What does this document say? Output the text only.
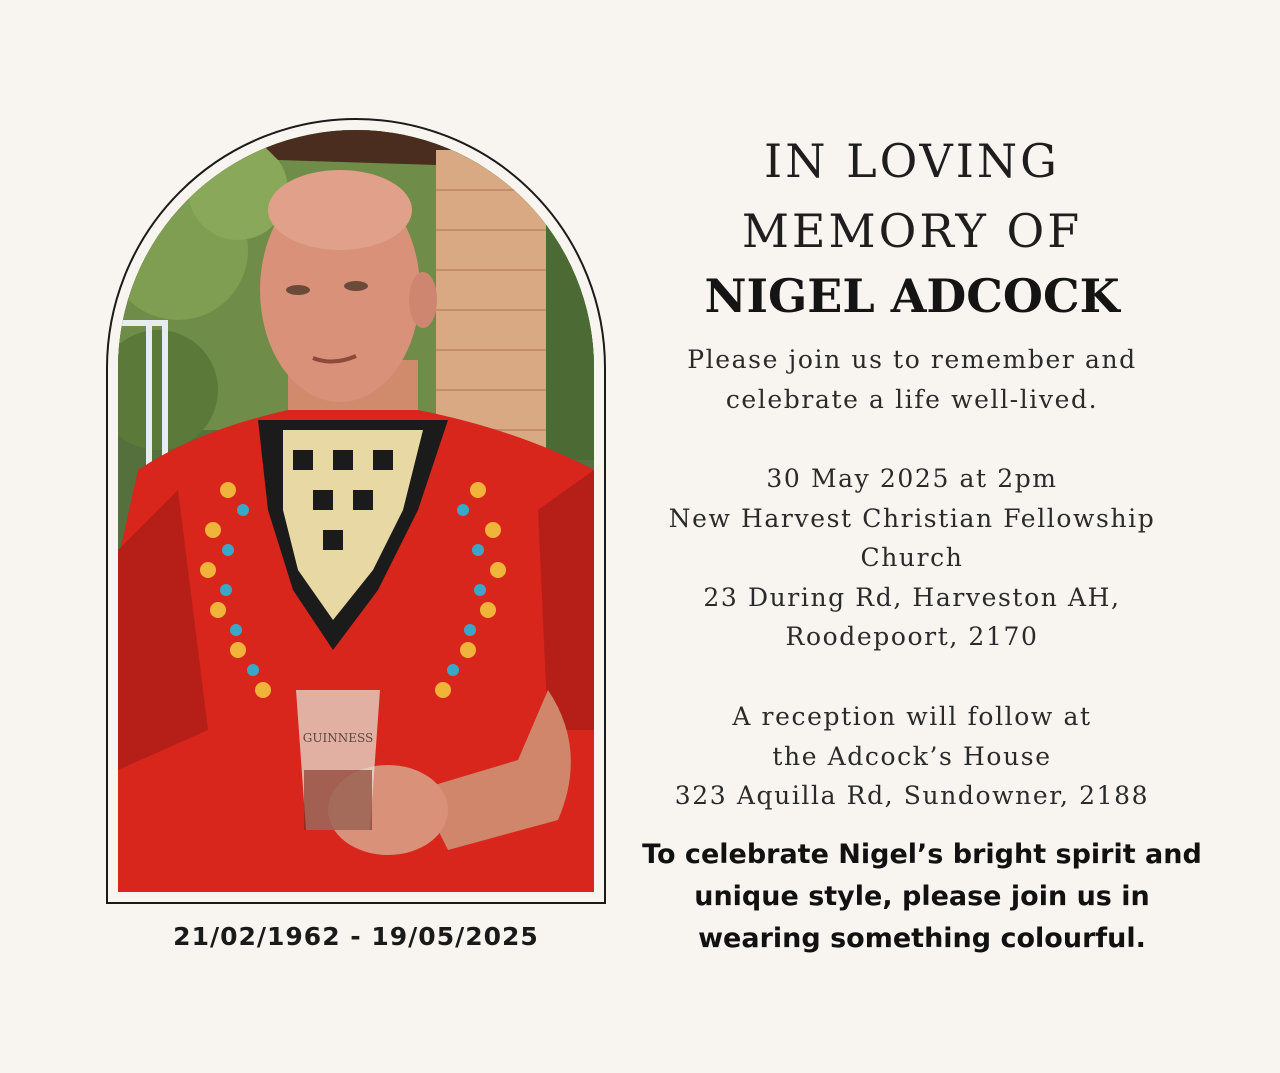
GUINNESS
21/02/1962 - 19/05/2025
IN LOVING
MEMORY OF
NIGEL ADCOCK
Please join us to remember and
celebrate a life well-lived.
30 May 2025 at 2pm
New Harvest Christian Fellowship
Church
23 During Rd, Harveston AH,
Roodepoort, 2170
A reception will follow at
the Adcock’s House
323 Aquilla Rd, Sundowner, 2188
To celebrate Nigel’s bright spirit and
unique style, please join us in
wearing something colourful.
